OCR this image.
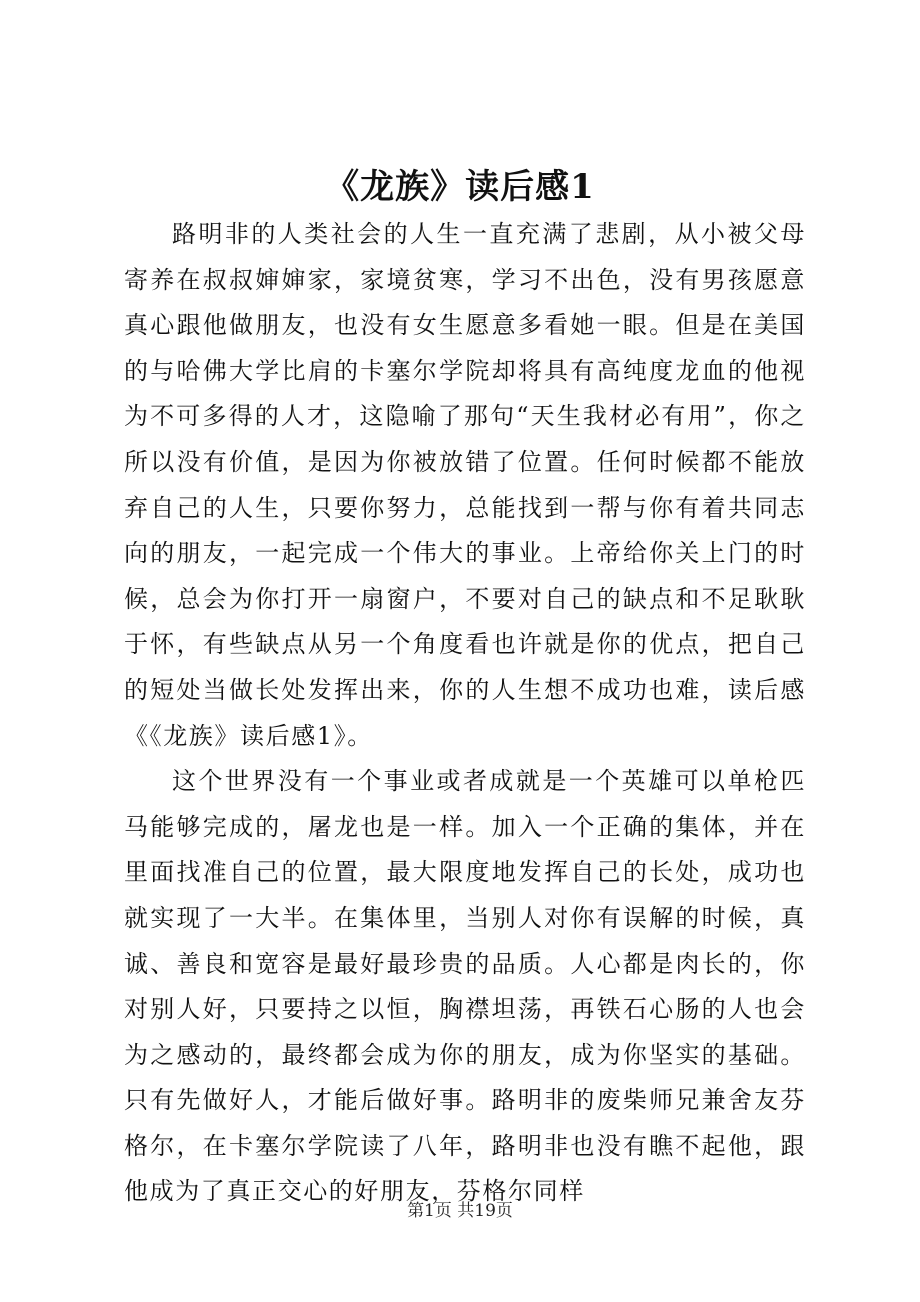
《龙族》读后感1

路明非的人类社会的人生一直充满了悲剧，从小被父母寄养在叔叔婶婶家，家境贫寒，学习不出色，没有男孩愿意真心跟他做朋友，也没有女生愿意多看她一眼。但是在美国的与哈佛大学比肩的卡塞尔学院却将具有高纯度龙血的他视为不可多得的人才，这隐喻了那句“天生我材必有用”，你之所以没有价值，是因为你被放错了位置。任何时候都不能放弃自己的人生，只要你努力，总能找到一帮与你有着共同志向的朋友，一起完成一个伟大的事业。上帝给你关上门的时候，总会为你打开一扇窗户，不要对自己的缺点和不足耿耿于怀，有些缺点从另一个角度看也许就是你的优点，把自己的短处当做长处发挥出来，你的人生想不成功也难，读后感《《龙族》读后感1》。

这个世界没有一个事业或者成就是一个英雄可以单枪匹马能够完成的，屠龙也是一样。加入一个正确的集体，并在里面找准自己的位置，最大限度地发挥自己的长处，成功也就实现了一大半。在集体里，当别人对你有误解的时候，真诚、善良和宽容是最好最珍贵的品质。人心都是肉长的，你对别人好，只要持之以恒，胸襟坦荡，再铁石心肠的人也会为之感动的，最终都会成为你的朋友，成为你坚实的基础。只有先做好人，才能后做好事。路明非的废柴师兄兼舍友芬格尔，在卡塞尔学院读了八年，路明非也没有瞧不起他，跟他成为了真正交心的好朋友，芬格尔同样

第1页 共19页
